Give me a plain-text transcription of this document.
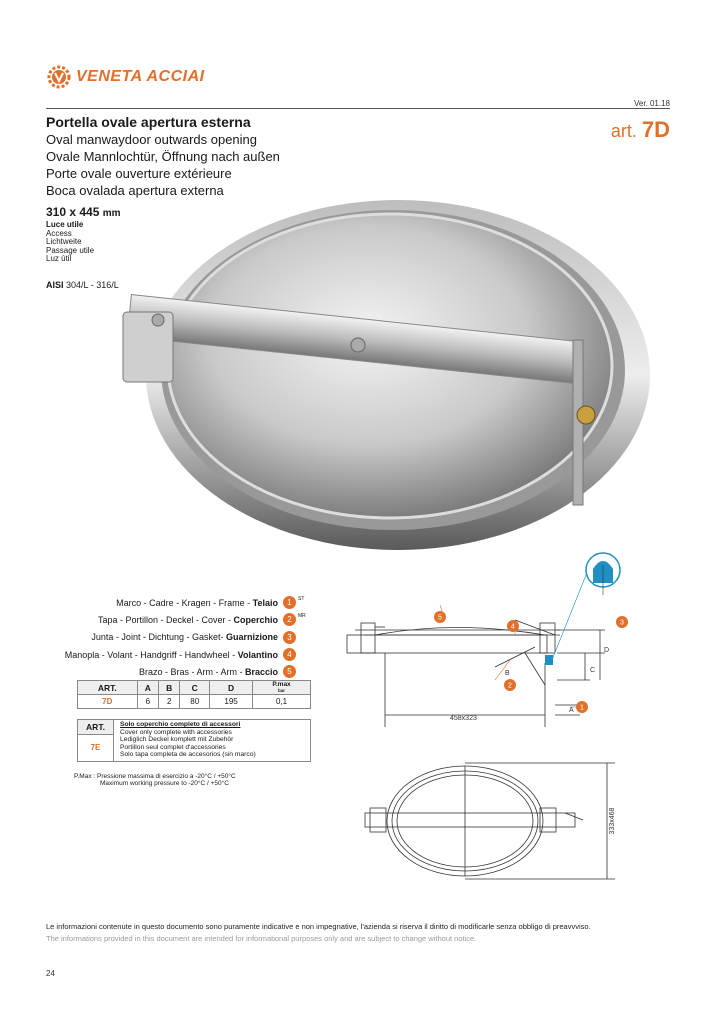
VENETA ACCIAI
Ver. 01.18
art. 7D
Portella ovale apertura esterna
Oval manwaydoor outwards opening
Ovale Mannlochtür, Öffnung nach außen
Porte ovale ouverture extérieure
Boca ovalada apertura externa
310 x 445 mm
Luce utile
Access
Lichtweite
Passage utile
Luz útil
AISI 304/L - 316/L
Marco - Cadre - Kragen - Frame - Telaio	1	ST
Tapa - Portillon - Deckel - Cover - Coperchio	2	MR
Junta - Joint - Dichtung - Gasket- Guarnizione	3
Manopla - Volant - Handgriff - Handwheel - Volantino	4
Brazo - Bras - Arm - Arm - Braccio	5
ART.	A	B	C	D	P.max
bar

7D	6	2	80	195	0,1
ART.	Solo coperchio completo di accessori
Cover only complete with accessories
Lediglich Deckel komplett mit Zubehör
Portillon seul complet d'accessories
Solo tapa completa de accesorios (sin marco)

7E
P.Max : Pressione massima di esercizio a -20°C / +50°C
Maximum working pressure to -20°C / +50°C
458x323
A
B	C
D
1
2
3
4
5
333x468
Le informazioni contenute in questo documento sono puramente indicative e non impegnative, l'azienda si riserva il diritto di modificarle senza obbligo di preavvviso.
The informations provided in this document are intended for informational purposes only and are subject to change without notice.
24
